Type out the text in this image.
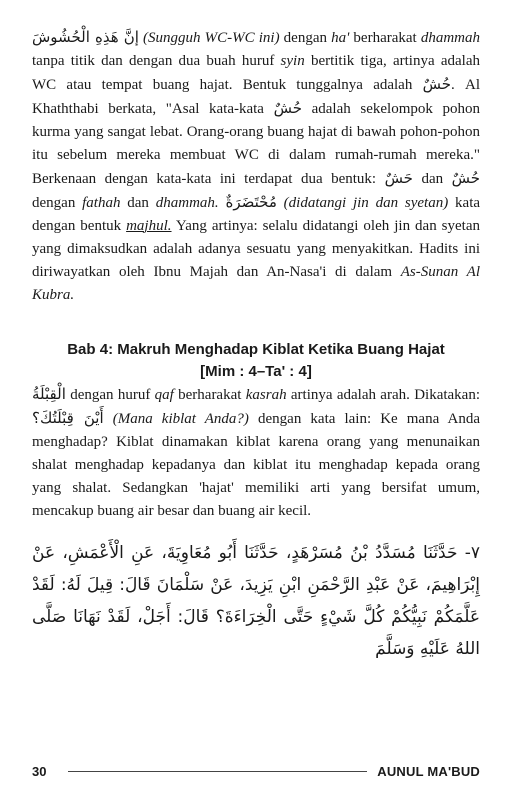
إنَّ هَذِهِ الْحُشُوشَ (Sungguh WC-WC ini) dengan ha' berharakat dhammah tanpa titik dan dengan dua buah huruf syin bertitik tiga, artinya adalah WC atau tempat buang hajat. Bentuk tunggalnya adalah حُشٌ. Al Khaththabi berkata, "Asal kata-kata حُشٌ adalah sekelompok pohon kurma yang sangat lebat. Orang-orang buang hajat di bawah pohon-pohon itu sebelum mereka membuat WC di dalam rumah-rumah mereka." Berkenaan dengan kata-kata ini terdapat dua bentuk: حَشٌ dan حُشٌ dengan fathah dan dhammah. مُحْتَضَرَةٌ (didatangi jin dan syetan) kata dengan bentuk majhul. Yang artinya: selalu didatangi oleh jin dan syetan yang dimaksudkan adalah adanya sesuatu yang menyakitkan. Hadits ini diriwayatkan oleh Ibnu Majah dan An-Nasa'i di dalam As-Sunan Al Kubra.

Bab 4: Makruh Menghadap Kiblat Ketika Buang Hajat
[Mim : 4–Ta' : 4]

الْقِبْلَةُ dengan huruf qaf berharakat kasrah artinya adalah arah. Dikatakan: أَيْنَ قِبْلَتُكَ؟ (Mana kiblat Anda?) dengan kata lain: Ke mana Anda menghadap? Kiblat dinamakan kiblat karena orang yang menunaikan shalat menghadap kepadanya dan kiblat itu menghadap kepada orang yang shalat. Sedangkan 'hajat' memiliki arti yang bersifat umum, mencakup buang air besar dan buang air kecil.

٧- حَدَّثَنَا مُسَدَّدُ بْنُ مُسَرْهَدٍ، حَدَّثَنَا أَبُو مُعَاوِيَةَ، عَنِ الْأَعْمَشِ، عَنْ إِبْرَاهِيمَ، عَنْ عَبْدِ الرَّحْمَنِ ابْنِ يَزِيدَ، عَنْ سَلْمَانَ قَالَ: قِيلَ لَهُ: لَقَدْ عَلَّمَكُمْ نَبِيُّكُمْ كُلَّ شَيْءٍ حَتَّى الْخِرَاءَةَ؟ قَالَ: أَجَلْ، لَقَدْ نَهَانَا صَلَّى اللهُ عَلَيْهِ وَسَلَّمَ
30	AUNUL MA'BUD
